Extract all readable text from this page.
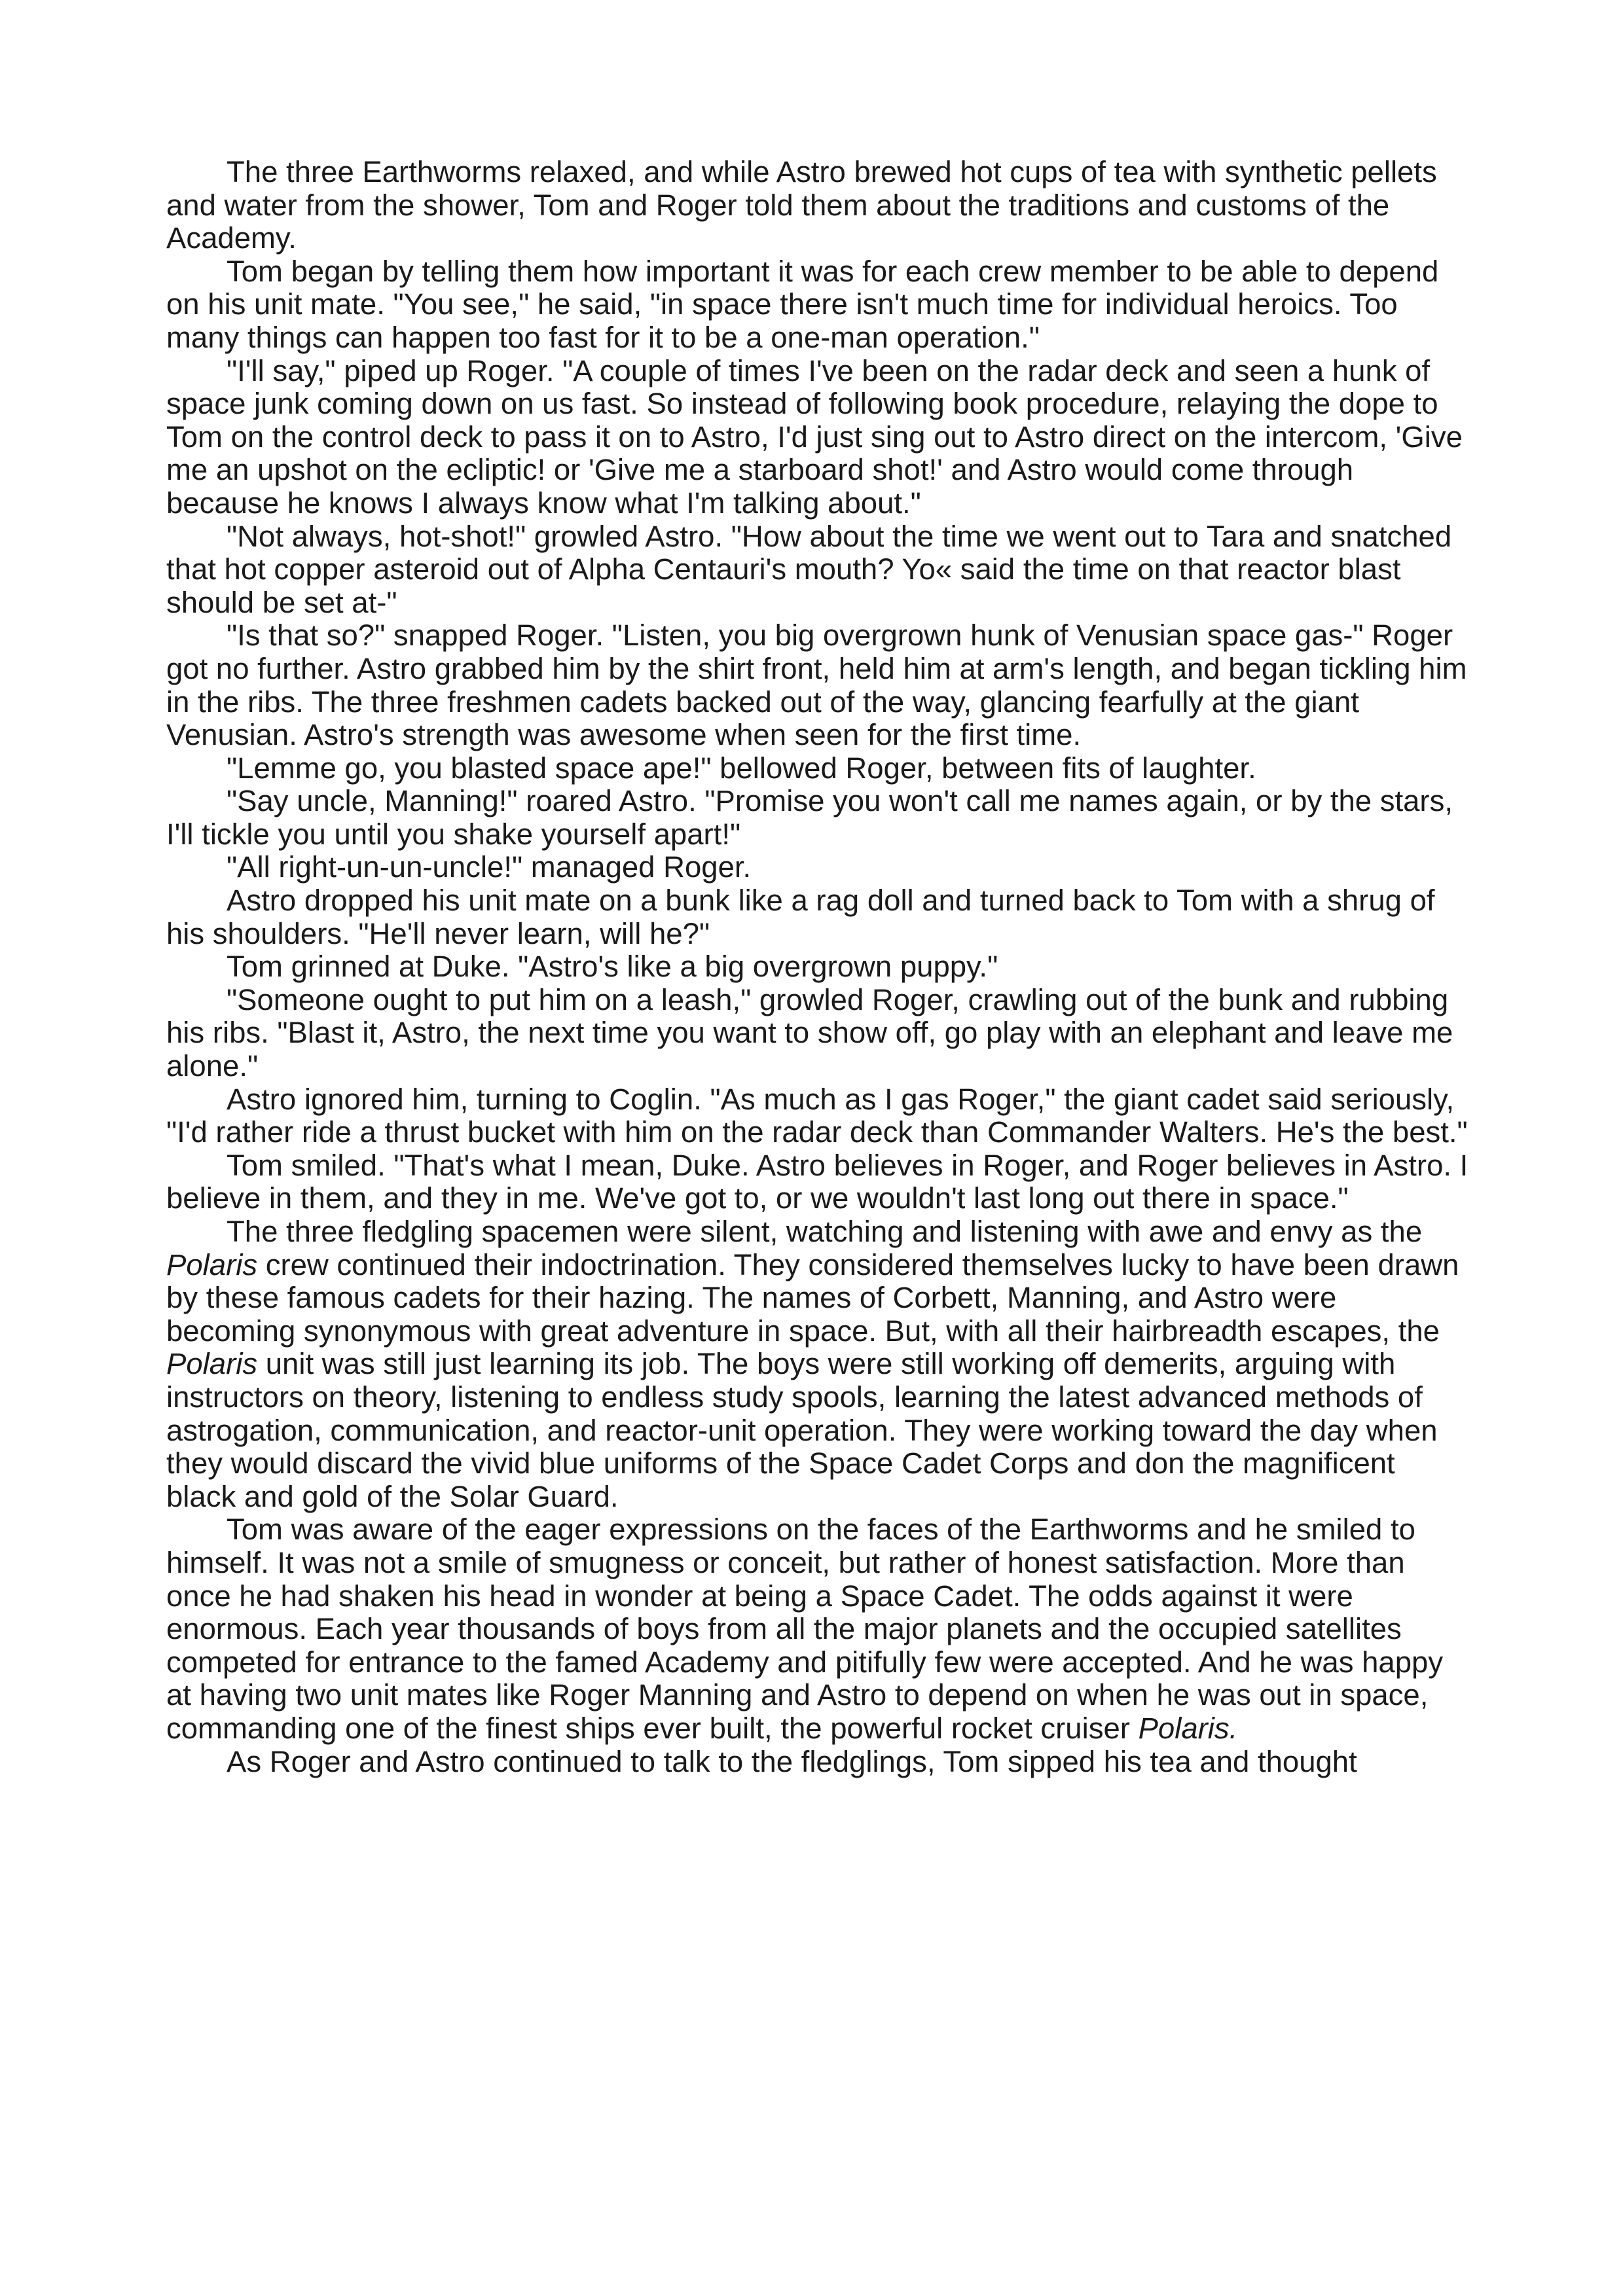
The three Earthworms relaxed, and while Astro brewed hot cups of tea with synthetic pellets and water from the shower, Tom and Roger told them about the traditions and customs of the Academy.

Tom began by telling them how important it was for each crew member to be able to depend on his unit mate. "You see," he said, "in space there isn't much time for individual heroics. Too many things can happen too fast for it to be a one-man operation."

"I'll say," piped up Roger. "A couple of times I've been on the radar deck and seen a hunk of space junk coming down on us fast. So instead of following book procedure, relaying the dope to Tom on the control deck to pass it on to Astro, I'd just sing out to Astro direct on the intercom, 'Give me an upshot on the ecliptic! or 'Give me a starboard shot!' and Astro would come through because he knows I always know what I'm talking about."

"Not always, hot-shot!" growled Astro. "How about the time we went out to Tara and snatched that hot copper asteroid out of Alpha Centauri's mouth? Yo« said the time on that reactor blast should be set at-"

"Is that so?" snapped Roger. "Listen, you big overgrown hunk of Venusian space gas-" Roger got no further. Astro grabbed him by the shirt front, held him at arm's length, and began tickling him in the ribs. The three freshmen cadets backed out of the way, glancing fearfully at the giant Venusian. Astro's strength was awesome when seen for the first time.

"Lemme go, you blasted space ape!" bellowed Roger, between fits of laughter.

"Say uncle, Manning!" roared Astro. "Promise you won't call me names again, or by the stars, I'll tickle you until you shake yourself apart!"

"All right-un-un-uncle!" managed Roger.

Astro dropped his unit mate on a bunk like a rag doll and turned back to Tom with a shrug of his shoulders. "He'll never learn, will he?"

Tom grinned at Duke. "Astro's like a big overgrown puppy."

"Someone ought to put him on a leash," growled Roger, crawling out of the bunk and rubbing his ribs. "Blast it, Astro, the next time you want to show off, go play with an elephant and leave me alone."

Astro ignored him, turning to Coglin. "As much as I gas Roger," the giant cadet said seriously, "I'd rather ride a thrust bucket with him on the radar deck than Commander Walters. He's the best."

Tom smiled. "That's what I mean, Duke. Astro believes in Roger, and Roger believes in Astro. I believe in them, and they in me. We've got to, or we wouldn't last long out there in space."

The three fledgling spacemen were silent, watching and listening with awe and envy as the Polaris crew continued their indoctrination. They considered themselves lucky to have been drawn by these famous cadets for their hazing. The names of Corbett, Manning, and Astro were becoming synonymous with great adventure in space. But, with all their hairbreadth escapes, the Polaris unit was still just learning its job. The boys were still working off demerits, arguing with instructors on theory, listening to endless study spools, learning the latest advanced methods of astrogation, communication, and reactor-unit operation. They were working toward the day when they would discard the vivid blue uniforms of the Space Cadet Corps and don the magnificent black and gold of the Solar Guard.

Tom was aware of the eager expressions on the faces of the Earthworms and he smiled to himself. It was not a smile of smugness or conceit, but rather of honest satisfaction. More than once he had shaken his head in wonder at being a Space Cadet. The odds against it were enormous. Each year thousands of boys from all the major planets and the occupied satellites competed for entrance to the famed Academy and pitifully few were accepted. And he was happy at having two unit mates like Roger Manning and Astro to depend on when he was out in space, commanding one of the finest ships ever built, the powerful rocket cruiser Polaris.

As Roger and Astro continued to talk to the fledglings, Tom sipped his tea and thought
